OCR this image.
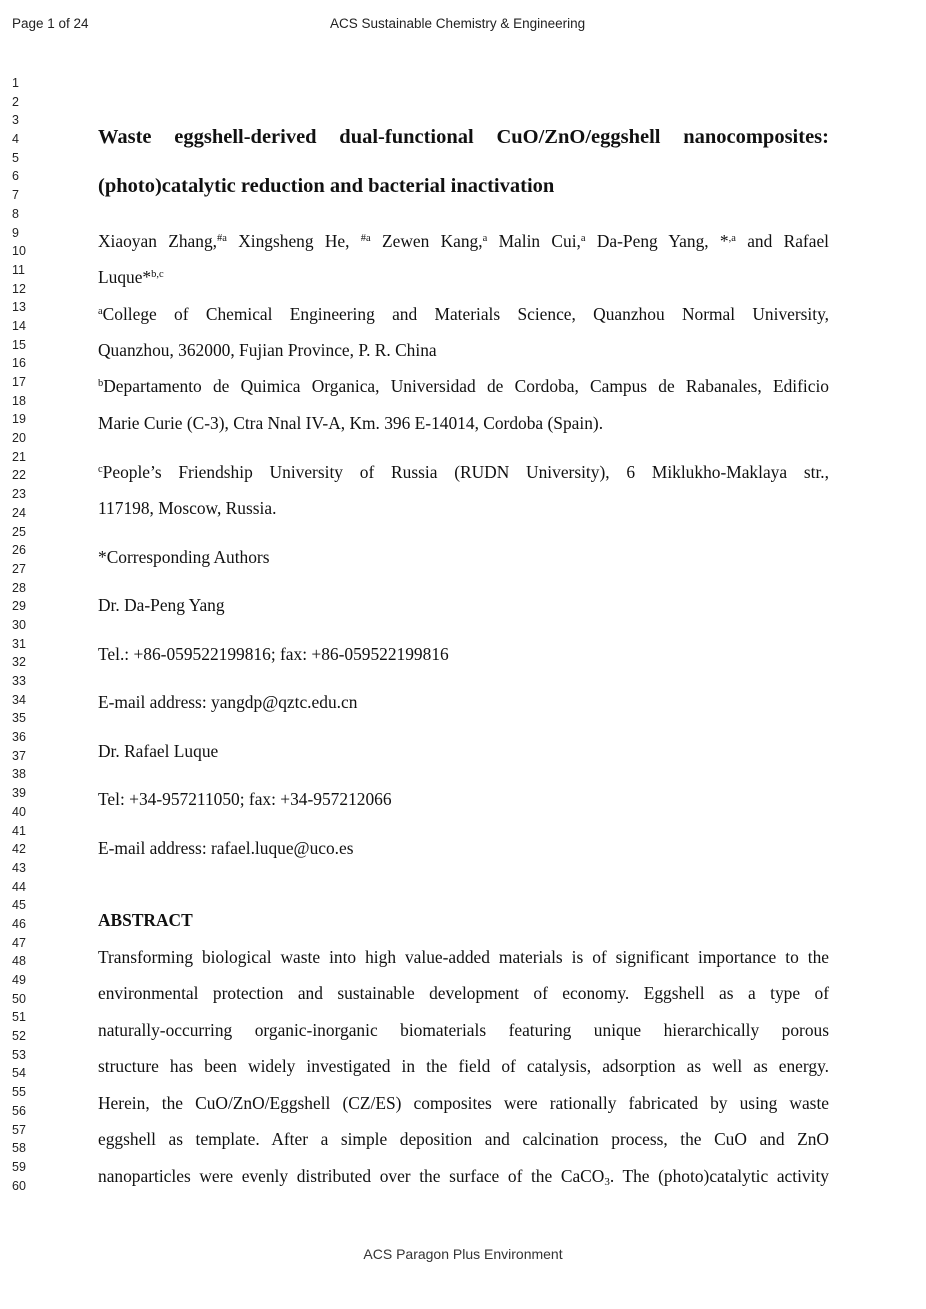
Page 1 of 24	ACS Sustainable Chemistry & Engineering
1
2
3
4
5
6
7
8
9
10
11
12
13
14
15
16
17
18
19
20
21
22
23
24
25
26
27
28
29
30
31
32
33
34
35
36
37
38
39
40
41
42
43
44
45
46
47
48
49
50
51
52
53
54
55
56
57
58
59
60
Waste eggshell-derived dual-functional CuO/ZnO/eggshell nanocomposites:
(photo)catalytic reduction and bacterial inactivation
Xiaoyan Zhang,$^{\#a}$ Xingsheng He, $^{\#a}$ Zewen Kang,$^a$ Malin Cui,$^a$ Da-Peng Yang, *$^{,a}$ and Rafael
Luque*$^{b,c}$
$^a$College of Chemical Engineering and Materials Science, Quanzhou Normal University,
Quanzhou, 362000, Fujian Province, P. R. China
$^b$Departamento de Quimica Organica, Universidad de Cordoba, Campus de Rabanales, Edificio
Marie Curie (C-3), Ctra Nnal IV-A, Km. 396 E-14014, Cordoba (Spain).
$^c$People’s Friendship University of Russia (RUDN University), 6 Miklukho-Maklaya str.,
117198, Moscow, Russia.
*Corresponding Authors
Dr. Da-Peng Yang
Tel.: +86-059522199816; fax: +86-059522199816
E-mail address: yangdp@qztc.edu.cn
Dr. Rafael Luque
Tel: +34-957211050; fax: +34-957212066
E-mail address: rafael.luque@uco.es
ABSTRACT
Transforming biological waste into high value-added materials is of significant importance to the
environmental protection and sustainable development of economy. Eggshell as a type of
naturally-occurring organic-inorganic biomaterials featuring unique hierarchically porous
structure has been widely investigated in the field of catalysis, adsorption as well as energy.
Herein, the CuO/ZnO/Eggshell (CZ/ES) composites were rationally fabricated by using waste
eggshell as template. After a simple deposition and calcination process, the CuO and ZnO
nanoparticles were evenly distributed over the surface of the CaCO$_3$. The (photo)catalytic activity
ACS Paragon Plus Environment
